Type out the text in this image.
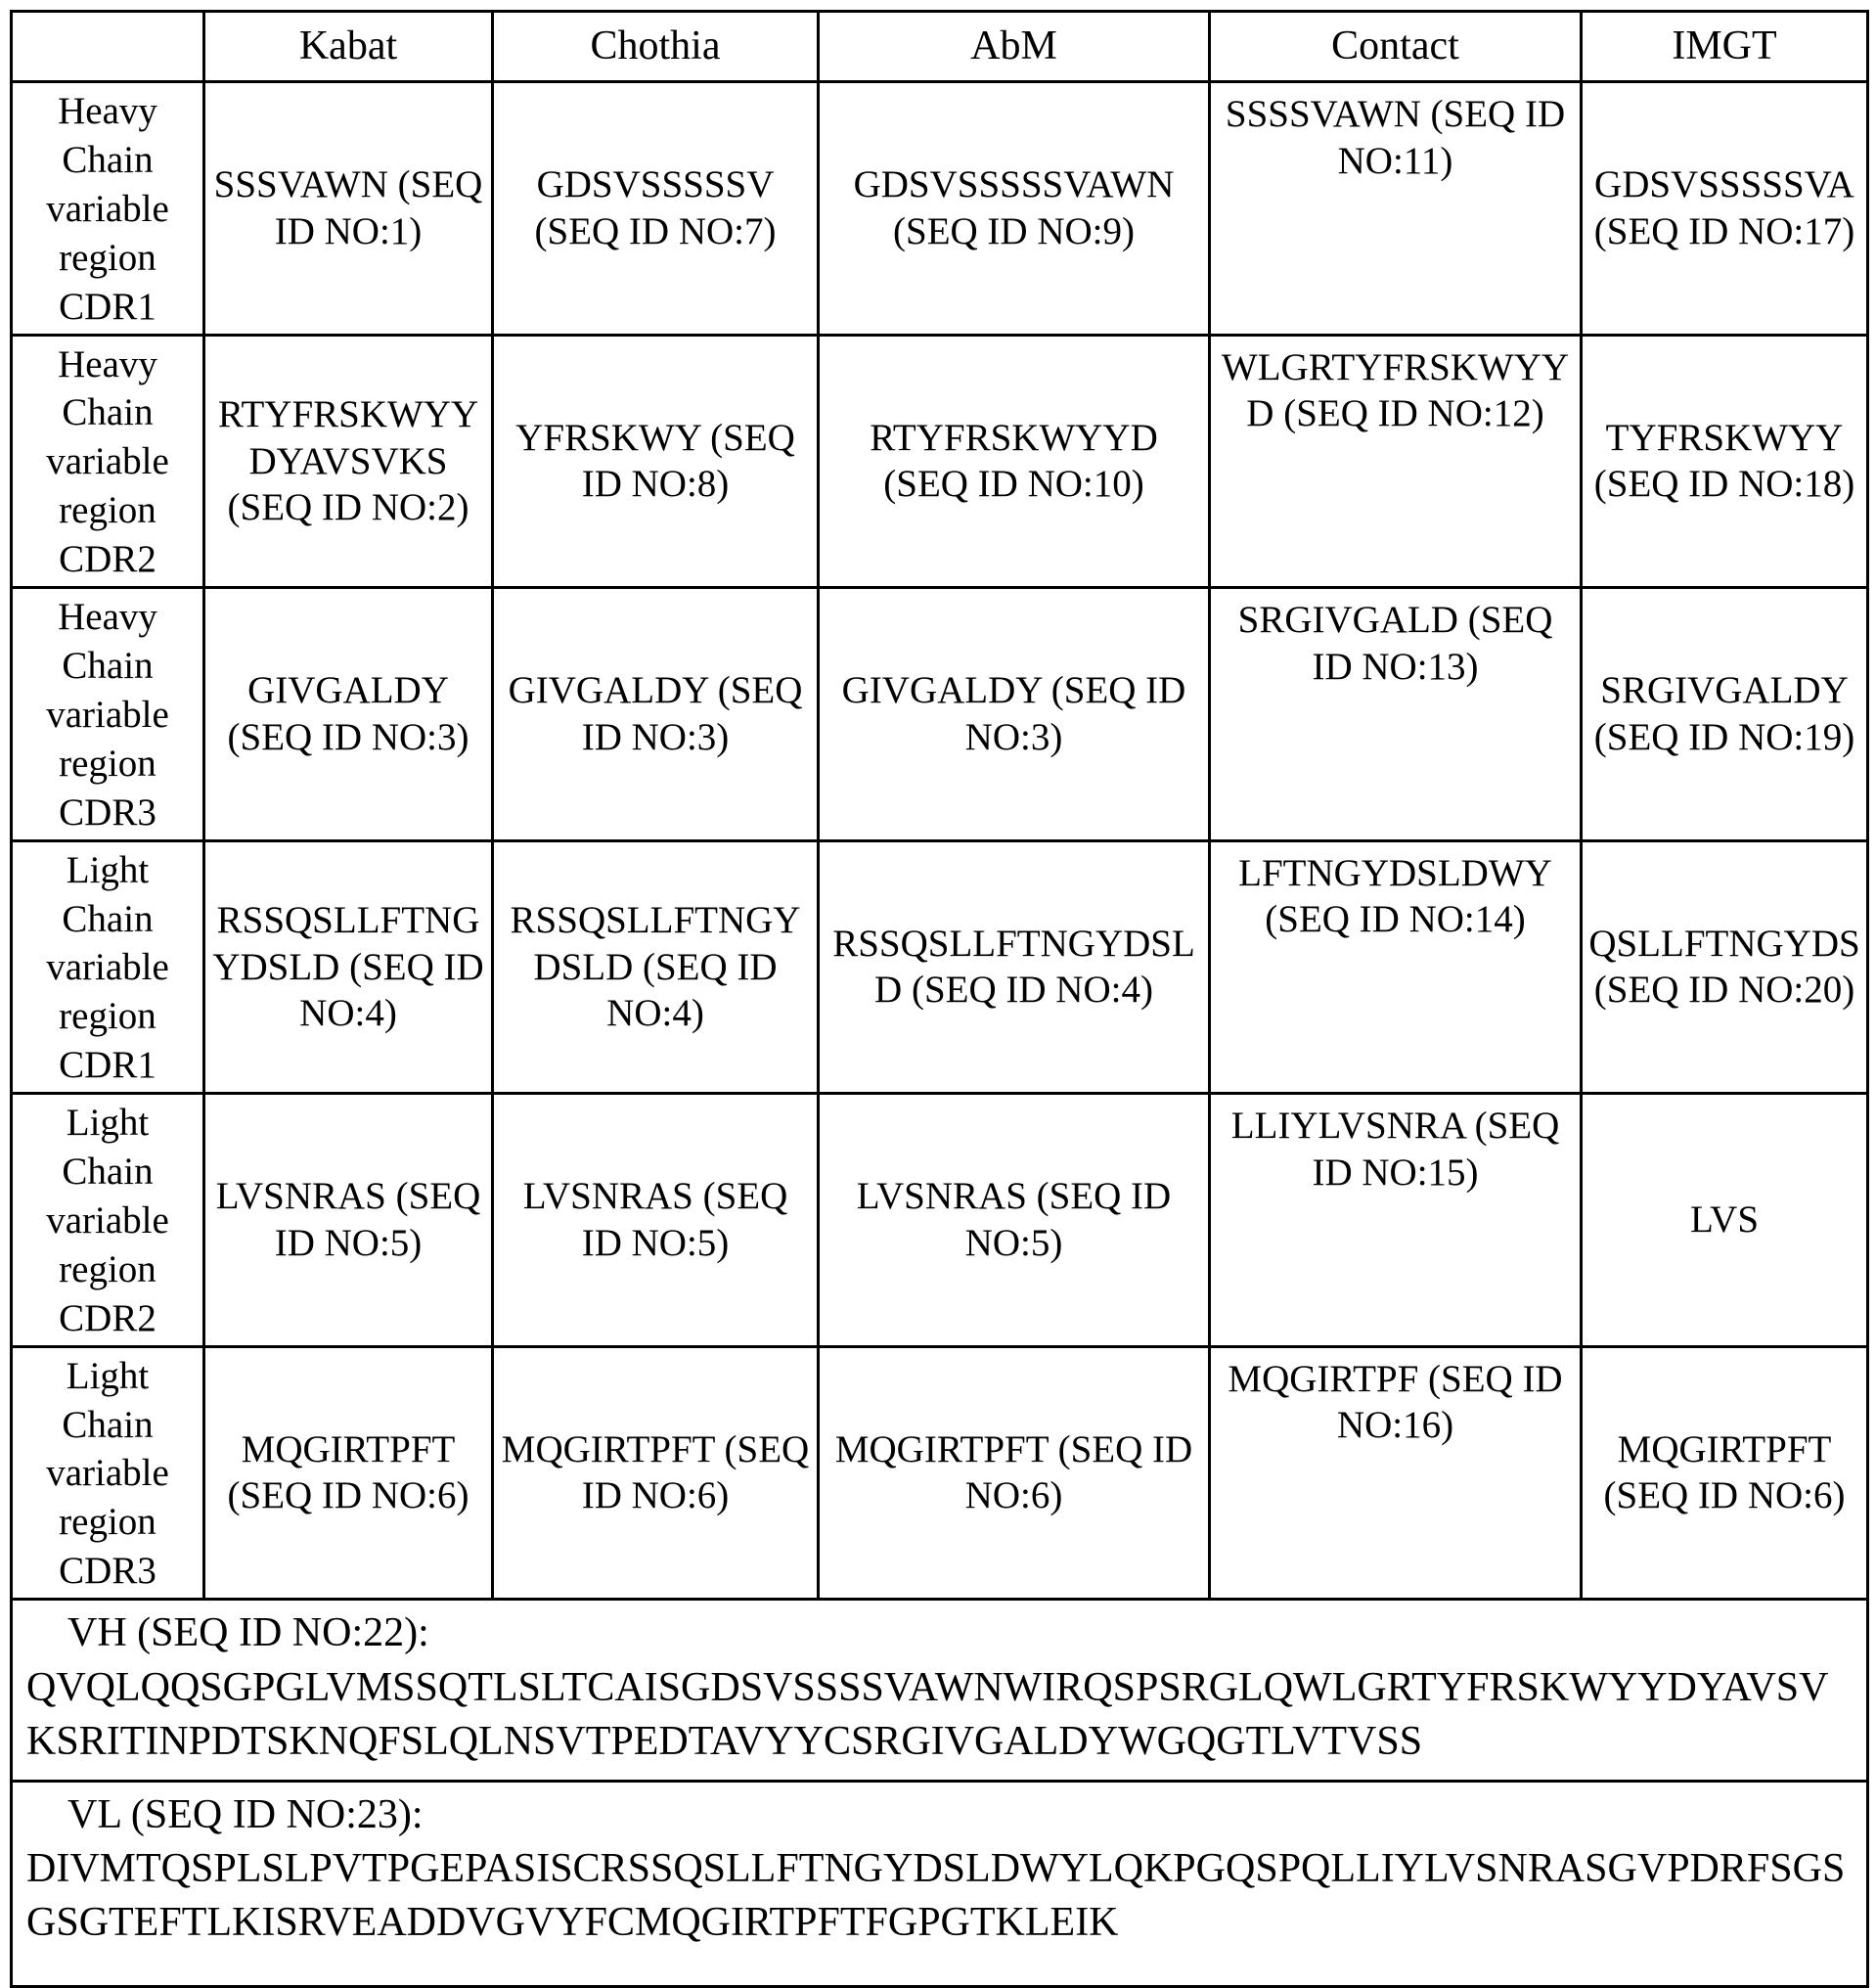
	Kabat	Chothia	AbM	Contact	IMGT
Heavy Chain variable region CDR1	SSSVAWN (SEQ ID NO:1)	GDSVSSSSSV (SEQ ID NO:7)	GDSVSSSSSVAWN (SEQ ID NO:9)	SSSSVAWN (SEQ ID NO:11)	GDSVSSSSSVA (SEQ ID NO:17)
Heavy Chain variable region CDR2	RTYFRSKWYYDYAVSVKS (SEQ ID NO:2)	YFRSKWY (SEQ ID NO:8)	RTYFRSKWYYD (SEQ ID NO:10)	WLGRTYFRSKWYYD (SEQ ID NO:12)	TYFRSKWYY (SEQ ID NO:18)
Heavy Chain variable region CDR3	GIVGALDY (SEQ ID NO:3)	GIVGALDY (SEQ ID NO:3)	GIVGALDY (SEQ ID NO:3)	SRGIVGALD (SEQ ID NO:13)	SRGIVGALDY (SEQ ID NO:19)
Light Chain variable region CDR1	RSSQSLLFTNGYDSLD (SEQ ID NO:4)	RSSQSLLFTNGYDSLD (SEQ ID NO:4)	RSSQSLLFTNGYDSLD (SEQ ID NO:4)	LFTNGYDSLDWY (SEQ ID NO:14)	QSLLFTNGYDS (SEQ ID NO:20)
Light Chain variable region CDR2	LVSNRAS (SEQ ID NO:5)	LVSNRAS (SEQ ID NO:5)	LVSNRAS (SEQ ID NO:5)	LLIYLVSNRA (SEQ ID NO:15)	LVS
Light Chain variable region CDR3	MQGIRTPFT (SEQ ID NO:6)	MQGIRTPFT (SEQ ID NO:6)	MQGIRTPFT (SEQ ID NO:6)	MQGIRTPF (SEQ ID NO:16)	MQGIRTPFT (SEQ ID NO:6)

VH (SEQ ID NO:22):
QVQLQQSGPGLVMSSQTLSLTCAISGDSVSSSSVAWNWIRQSPSRGLQWLGRTYFRSKWYYDYAVSVKSRITINPDTSKNQFSLQLNSVTPEDTAVYYCSRGIVGALDYWGQGTLVTVSS					

VL (SEQ ID NO:23):
DIVMTQSPLSLPVTPGEPASISCRSSQSLLFTNGYDSLDWYLQKPGQSPQLLIYLVSNRASGVPDRFSGSGSGTEFTLKISRVEADDVGVYFCMQGIRTPFTFGPGTKLEIK					
